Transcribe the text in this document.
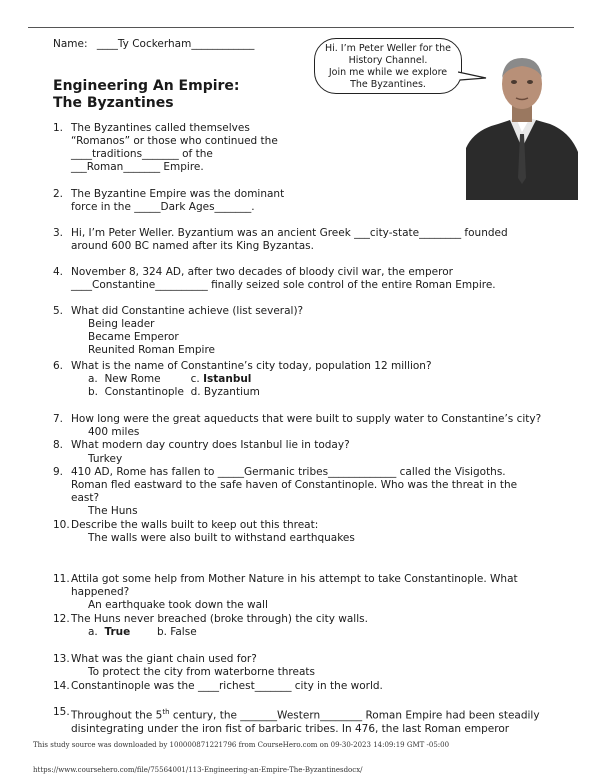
Name: ____Ty Cockerham____________
Engineering An Empire:
The Byzantines
Hi. I’m Peter Weller for the
History Channel.
Join me while we explore
The Byzantines.
1. The Byzantines called themselves
“Romanos” or those who continued the
____traditions_______ of the
___Roman_______ Empire.
2. The Byzantine Empire was the dominant
force in the _____Dark Ages_______.
3. Hi, I’m Peter Weller. Byzantium was an ancient Greek ___city-state________ founded
around 600 BC named after its King Byzantas.
4. November 8, 324 AD, after two decades of bloody civil war, the emperor
____Constantine__________ finally seized sole control of the entire Roman Empire.
5. What did Constantine achieve (list several)?
Being leader
Became Emperor
Reunited Roman Empire
6. What is the name of Constantine’s city today, population 12 million?
a.  New Rome	c. Istanbul
b.  Constantinople  d. Byzantium
7. How long were the great aqueducts that were built to supply water to Constantine’s city?
400 miles
8. What modern day country does Istanbul lie in today?
Turkey
9. 410 AD, Rome has fallen to _____Germanic tribes_____________ called the Visigoths.
Roman fled eastward to the safe haven of Constantinople. Who was the threat in the
east?
The Huns
10. Describe the walls built to keep out this threat:
The walls were also built to withstand earthquakes
11. Attila got some help from Mother Nature in his attempt to take Constantinople. What
happened?
An earthquake took down the wall
12. The Huns never breached (broke through) the city walls.
a.  True        b. False
13. What was the giant chain used for?
To protect the city from waterborne threats
14. Constantinople was the ____richest_______ city in the world.
15. Throughout the 5th century, the _______Western________ Roman Empire had been steadily
disintegrating under the iron fist of barbaric tribes. In 476, the last Roman emperor
This study source was downloaded by 100000871221796 from CourseHero.com on 09-30-2023 14:09:19 GMT -05:00
https://www.coursehero.com/file/75564001/113-Engineering-an-Empire-The-Byzantinesdocx/
